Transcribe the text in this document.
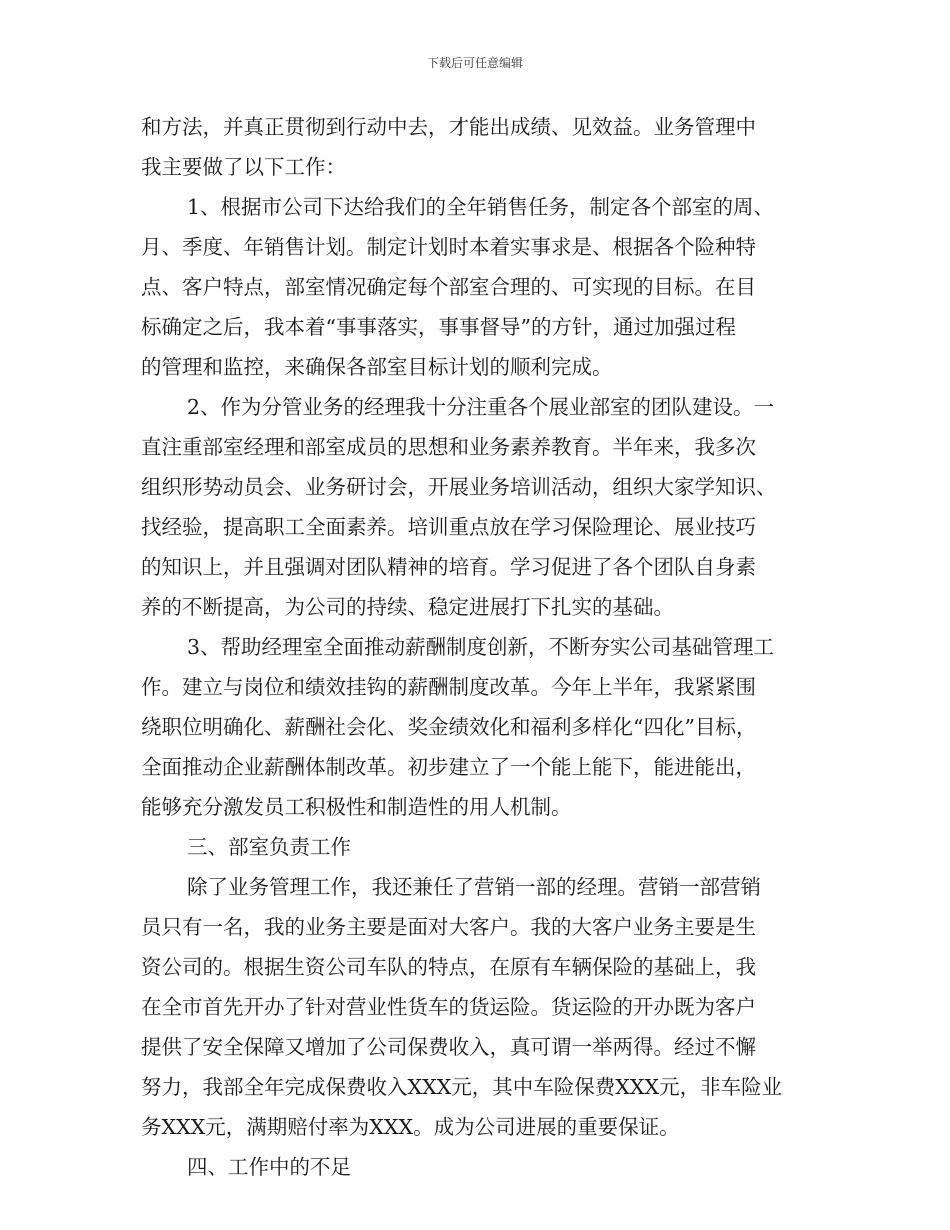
下载后可任意编辑
和方法，并真正贯彻到行动中去，才能出成绩、见效益。业务管理中
我主要做了以下工作：
1、根据市公司下达给我们的全年销售任务，制定各个部室的周、
月、季度、年销售计划。制定计划时本着实事求是、根据各个险种特
点、客户特点，部室情况确定每个部室合理的、可实现的目标。在目
标确定之后，我本着“事事落实，事事督导”的方针，通过加强过程
的管理和监控，来确保各部室目标计划的顺利完成。
2、作为分管业务的经理我十分注重各个展业部室的团队建设。一
直注重部室经理和部室成员的思想和业务素养教育。半年来，我多次
组织形势动员会、业务研讨会，开展业务培训活动，组织大家学知识、
找经验，提高职工全面素养。培训重点放在学习保险理论、展业技巧
的知识上，并且强调对团队精神的培育。学习促进了各个团队自身素
养的不断提高，为公司的持续、稳定进展打下扎实的基础。
3、帮助经理室全面推动薪酬制度创新，不断夯实公司基础管理工
作。建立与岗位和绩效挂钩的薪酬制度改革。今年上半年，我紧紧围
绕职位明确化、薪酬社会化、奖金绩效化和福利多样化“四化”目标，
全面推动企业薪酬体制改革。初步建立了一个能上能下，能进能出，
能够充分激发员工积极性和制造性的用人机制。
三、部室负责工作
除了业务管理工作，我还兼任了营销一部的经理。营销一部营销
员只有一名，我的业务主要是面对大客户。我的大客户业务主要是生
资公司的。根据生资公司车队的特点，在原有车辆保险的基础上，我
在全市首先开办了针对营业性货车的货运险。货运险的开办既为客户
提供了安全保障又增加了公司保费收入，真可谓一举两得。经过不懈
努力，我部全年完成保费收入XXX元，其中车险保费XXX元，非车险业
务XXX元，满期赔付率为XXX。成为公司进展的重要保证。
四、工作中的不足
